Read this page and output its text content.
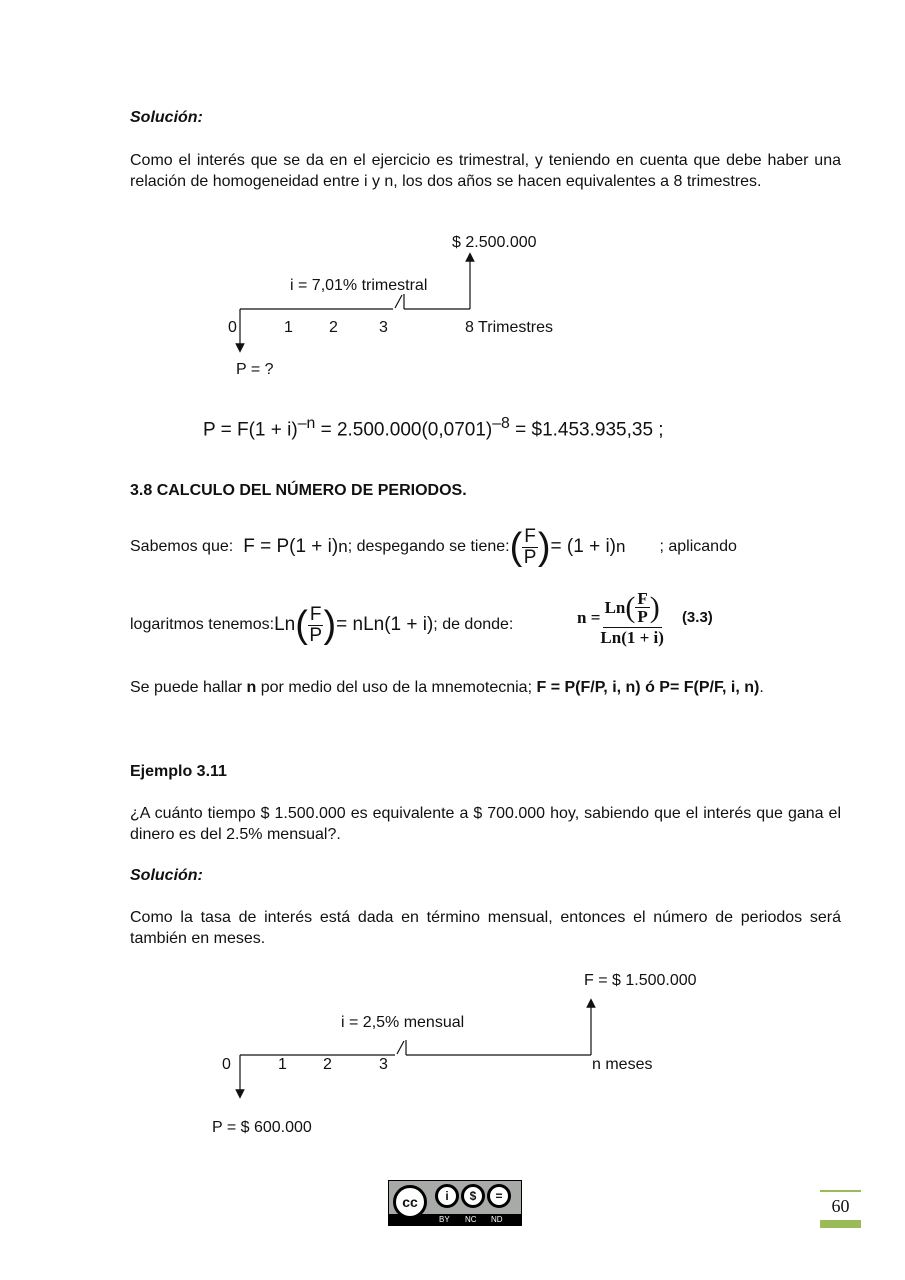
Solución:
Como el interés que se da en el ejercicio es trimestral, y teniendo en cuenta que debe haber una relación de homogeneidad entre i y n, los dos años se hacen equivalentes a 8 trimestres.
$ 2.500.000
i = 7,01% trimestral
0	1 2	3	8 Trimestres
P = ?
$P = F(1 + i)^{-n} = 2.500.000(0,0701)^{-8}$ = $1.453.935,35 ;
3.8 CALCULO DEL NÚMERO DE PERIODOS.
Sabemos que: F = P(1 + i) n ; despegando se tiene: ( $\frac{F}{P}$ ) = (1 + i) n ; aplicando
logaritmos tenemos: Ln ( $\frac{F}{P}$ ) = nLn(1 + i) ; de donde:	$n = \frac{Ln ( \frac{F}{P} )}{Ln(1 + i)} (3.3)$
Se puede hallar n por medio del uso de la mnemotecnia; F = P(F/P, i, n) ó P= F(P/F, i, n).
Ejemplo 3.11
¿A cuánto tiempo $ 1.500.000 es equivalente a $ 700.000 hoy, sabiendo que el interés que gana el dinero es del 2.5% mensual?.
Solución:
Como la tasa de interés está dada en término mensual, entonces el número de periodos será también en meses.
F = $ 1.500.000
i = 2,5% mensual
0	1 2	3	n meses
P = $ 600.000
cc	i	$	=
BY NC ND
60
